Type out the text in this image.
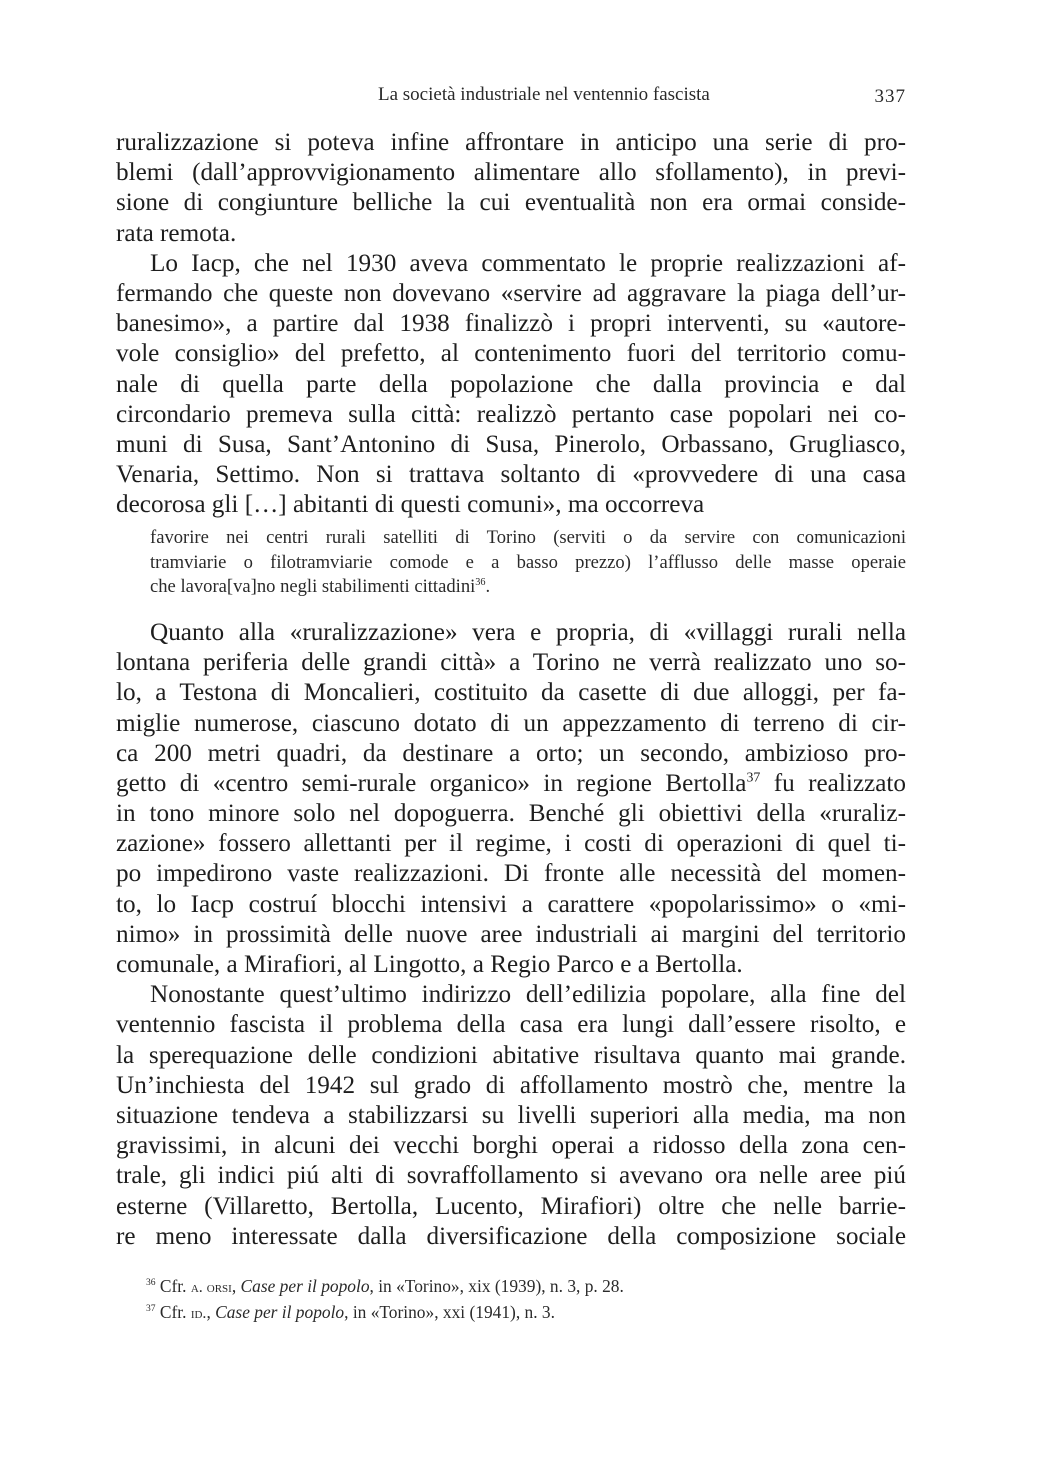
La società industriale nel ventennio fascista	337
ruralizzazione si poteva infine affrontare in anticipo una serie di pro-
blemi (dall’approvvigionamento alimentare allo sfollamento), in previ-
sione di congiunture belliche la cui eventualità non era ormai conside-
rata remota.
Lo Iacp, che nel 1930 aveva commentato le proprie realizzazioni af-
fermando che queste non dovevano «servire ad aggravare la piaga dell’ur-
banesimo», a partire dal 1938 finalizzò i propri interventi, su «autore-
vole consiglio» del prefetto, al contenimento fuori del territorio comu-
nale di quella parte della popolazione che dalla provincia e dal
circondario premeva sulla città: realizzò pertanto case popolari nei co-
muni di Susa, Sant’Antonino di Susa, Pinerolo, Orbassano, Grugliasco,
Venaria, Settimo. Non si trattava soltanto di «provvedere di una casa
decorosa gli […] abitanti di questi comuni», ma occorreva
favorire nei centri rurali satelliti di Torino (serviti o da servire con comunicazioni
tramviarie o filotramviarie comode e a basso prezzo) l’afflusso delle masse operaie
che lavora[va]no negli stabilimenti cittadini$^{36}$.
Quanto alla «ruralizzazione» vera e propria, di «villaggi rurali nella
lontana periferia delle grandi città» a Torino ne verrà realizzato uno so-
lo, a Testona di Moncalieri, costituito da casette di due alloggi, per fa-
miglie numerose, ciascuno dotato di un appezzamento di terreno di cir-
ca 200 metri quadri, da destinare a orto; un secondo, ambizioso pro-
getto di «centro semi-rurale organico» in regione Bertolla$^{37}$ fu realizzato
in tono minore solo nel dopoguerra. Benché gli obiettivi della «ruraliz-
zazione» fossero allettanti per il regime, i costi di operazioni di quel ti-
po impedirono vaste realizzazioni. Di fronte alle necessità del momen-
to, lo Iacp costruí blocchi intensivi a carattere «popolarissimo» o «mi-
nimo» in prossimità delle nuove aree industriali ai margini del territorio
comunale, a Mirafiori, al Lingotto, a Regio Parco e a Bertolla.
Nonostante quest’ultimo indirizzo dell’edilizia popolare, alla fine del
ventennio fascista il problema della casa era lungi dall’essere risolto, e
la sperequazione delle condizioni abitative risultava quanto mai grande.
Un’inchiesta del 1942 sul grado di affollamento mostrò che, mentre la
situazione tendeva a stabilizzarsi su livelli superiori alla media, ma non
gravissimi, in alcuni dei vecchi borghi operai a ridosso della zona cen-
trale, gli indici piú alti di sovraffollamento si avevano ora nelle aree piú
esterne (Villaretto, Bertolla, Lucento, Mirafiori) oltre che nelle barrie-
re meno interessate dalla diversificazione della composizione sociale
$^{36}$ Cfr. a. orsi, Case per il popolo, in «Torino», xix (1939), n. 3, p. 28.
$^{37}$ Cfr. id., Case per il popolo, in «Torino», xxi (1941), n. 3.
